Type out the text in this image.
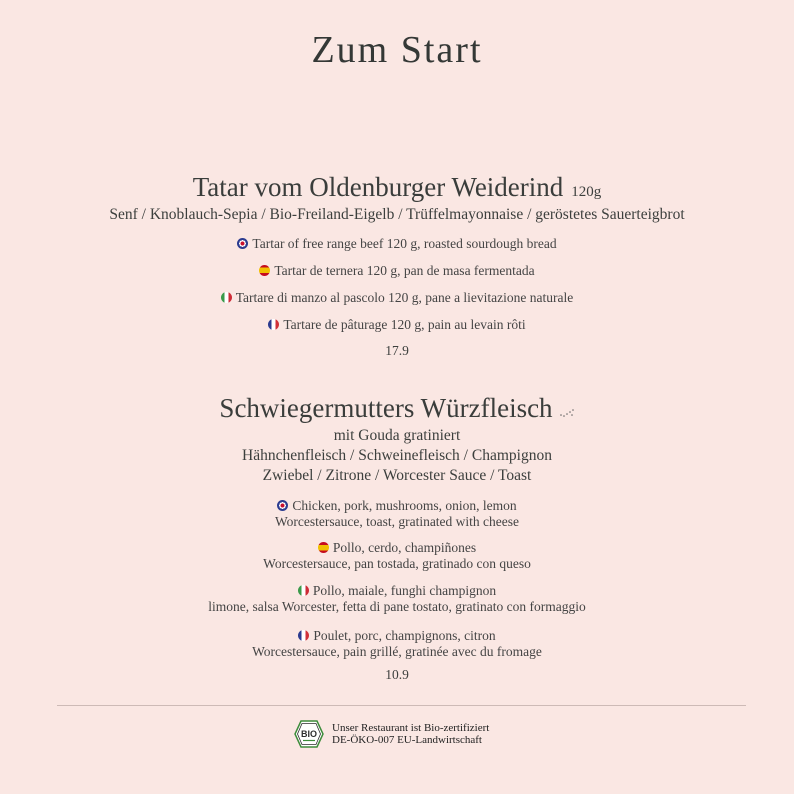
Zum Start
Tatar vom Oldenburger Weiderind 120g
Senf / Knoblauch-Sepia / Bio-Freiland-Eigelb / Trüffelmayonnaise / geröstetes Sauerteigbrot
Tartar of free range beef 120 g, roasted sourdough bread
Tartar de ternera 120 g, pan de masa fermentada
Tartare di manzo al pascolo 120 g, pane a lievitazione naturale
Tartare de pâturage 120 g, pain au levain rôti
17.9
Schwiegermutters Würzfleisch
mit Gouda gratiniert
Hähnchenfleisch / Schweinefleisch / Champignon
Zwiebel / Zitrone / Worcester Sauce / Toast
Chicken, pork, mushrooms, onion, lemon
Worcestersauce, toast, gratinated with cheese
Pollo, cerdo, champiñones
Worcestersauce, pan tostada, gratinado con queso
Pollo, maiale, funghi champignon
limone, salsa Worcester, fetta di pane tostato, gratinato con formaggio
Poulet, porc, champignons, citron
Worcestersauce, pain grillé, gratinée avec du fromage
10.9
BIO Unser Restaurant ist Bio-zertifiziert
DE-ÖKO-007 EU-Landwirtschaft
